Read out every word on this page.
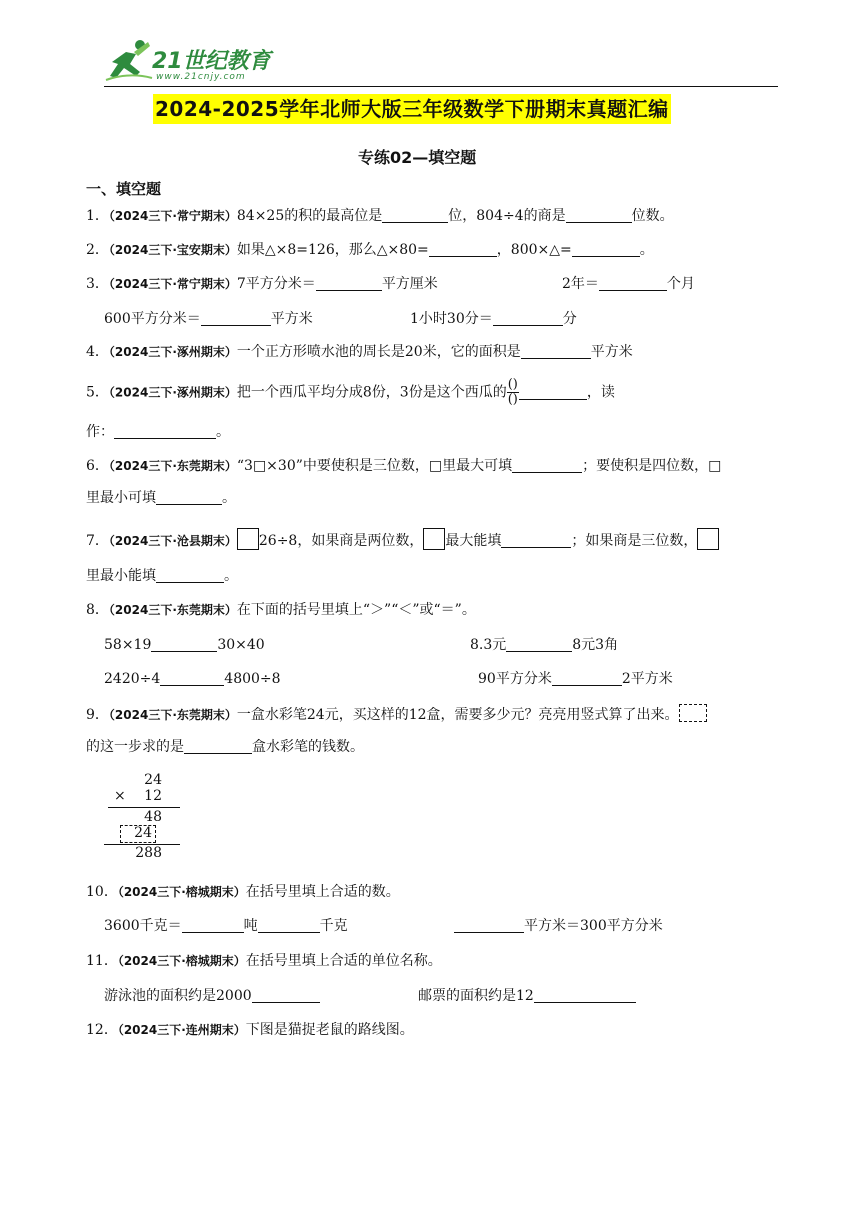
21世纪教育
www.21cnjy.com
2024-2025学年北师大版三年级数学下册期末真题汇编
专练02—填空题
一、填空题
1．（2024三下·常宁期末）84×25的积的最高位是	位，804÷4的商是	位数。
2．（2024三下·宝安期末）如果△×8=126，那么△×80=	，800×△=	。
3．（2024三下·常宁期末）7平方分米＝	平方厘米	2年＝	个月
600平方分米＝	平方米	1小时30分＝	分
4．（2024三下·涿州期末）一个正方形喷水池的周长是20米，它的面积是	平方米
5．（2024三下·涿州期末）把一个西瓜平均分成8份，3份是这个西瓜的 $\frac{()}{()}$	，读
作：	。
6．（2024三下·东莞期末）“3□×30”中要使积是三位数，□里最大可填	；要使积是四位数，□
里最小可填	。
7．（2024三下·沧县期末） 26÷8，如果商是两位数， 最大能填	；如果商是三位数，
里最小能填	。
8．（2024三下·东莞期末）在下面的括号里填上“＞”“＜”或“＝”。
58×19	30×40	8.3元	8元3角
2420÷4	4800÷8	90平方分米	2平方米
9．（2024三下·东莞期末）一盒水彩笔24元，买这样的12盒，需要多少元？亮亮用竖式算了出来。
的这一步求的是	盒水彩笔的钱数。
24
× 12
48
24
288
10．（2024三下·榕城期末）在括号里填上合适的数。
3600千克＝	吨	千克	平方米＝300平方分米
11．（2024三下·榕城期末）在括号里填上合适的单位名称。
游泳池的面积约是2000	邮票的面积约是12
12．（2024三下·连州期末）下图是猫捉老鼠的路线图。
